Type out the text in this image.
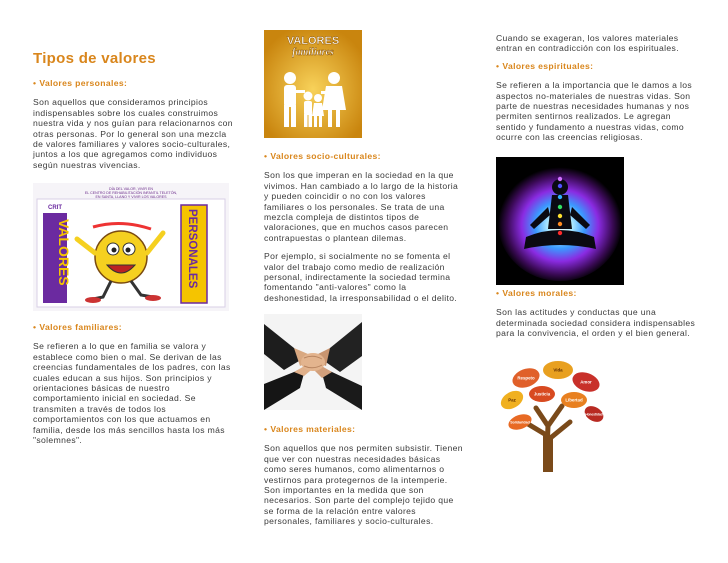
Tipos de valores
• Valores personales:

Son aquellos que consideramos principios indispensables sobre los cuales construimos nuestra vida y nos guían para relacionarnos con otras personas. Por lo general son una mezcla de valores familiares y valores socio-culturales, juntos a los que agregamos como individuos según nuestras vivencias.

DÍA DEL VALOR, VIVIR EN
EL CENTRO DE REHABILITACIÓN INFANTIL TELETÓN,
EN SANTA, LLANO Y VIVIR LOS VALORES
CRIT
VALORES	PERSONALES
• Valores familiares:

Se refieren a lo que en familia se valora y establece como bien o mal. Se derivan de las creencias fundamentales de los padres, con las cuales educan a sus hijos. Son principios y orientaciones básicas de nuestro comportamiento inicial en sociedad. Se transmiten a través de todos los comportamientos con los que actuamos en familia, desde los más sencillos hasta los más "solemnes".

VALORES
familiares
• Valores socio-culturales:

Son los que imperan en la sociedad en la que vivimos. Han cambiado a lo largo de la historia y pueden coincidir o no con los valores familiares o los personales. Se trata de una mezcla compleja de distintos tipos de valoraciones, que en muchos casos parecen contrapuestas o plantean dilemas.

Por ejemplo, si socialmente no se fomenta el valor del trabajo como medio de realización personal, indirectamente la sociedad termina fomentando "anti-valores" como la deshonestidad, la irresponsabilidad o el delito.

• Valores materiales:

Son aquellos que nos permiten subsistir. Tienen que ver con nuestras necesidades básicas como seres humanos, como alimentarnos o vestirnos para protegernos de la intemperie. Son importantes en la medida que son necesarios. Son parte del complejo tejido que se forma de la relación entre valores personales, familiares y socio-culturales.

Cuando se exageran, los valores materiales entran en contradicción con los espirituales.

• Valores espirituales:

Se refieren a la importancia que le damos a los aspectos no-materiales de nuestras vidas. Son parte de nuestras necesidades humanas y nos permiten sentirnos realizados. Le agregan sentido y fundamento a nuestras vidas, como ocurre con las creencias religiosas.

• Valores morales:

Son las actitudes y conductas que una determinada sociedad considera indispensables para la convivencia, el orden y el bien general.

Vida
Respeto
Amor
Paz
Justicia
Libertad
Honestidad
Solidaridad
